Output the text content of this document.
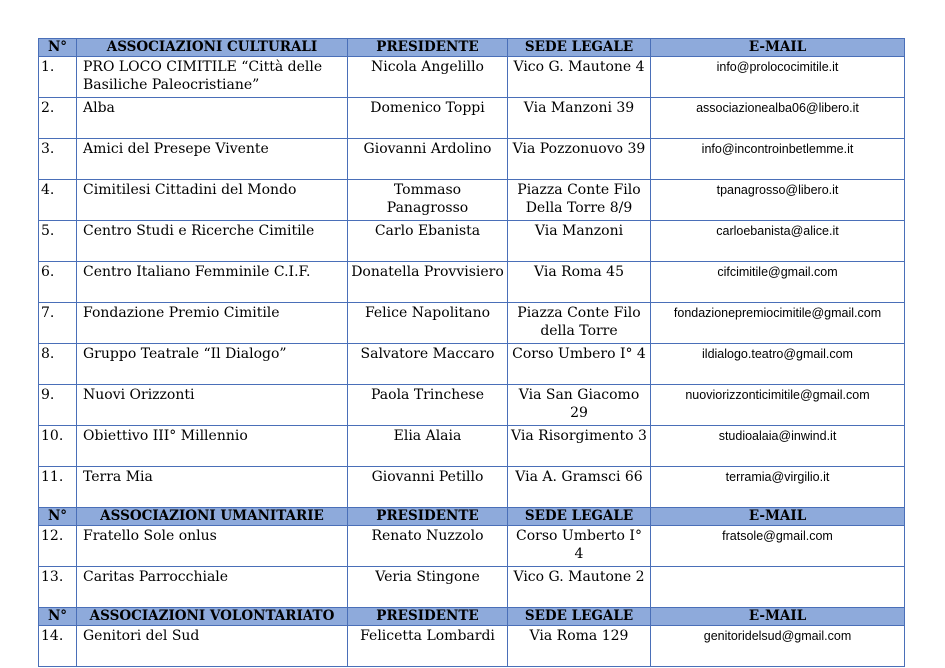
N°	ASSOCIAZIONI CULTURALI	PRESIDENTE	SEDE LEGALE	E-MAIL
1.	PRO LOCO CIMITILE “Città delle Basiliche Paleocristiane”	Nicola Angelillo	Vico G. Mautone 4	info@prolococimitile.it
2.	Alba	Domenico Toppi	Via Manzoni 39	associazionealba06@libero.it
3.	Amici del Presepe Vivente	Giovanni Ardolino	Via Pozzonuovo 39	info@incontroinbetlemme.it
4.	Cimitilesi Cittadini del Mondo	Tommaso Panagrosso	Piazza Conte Filo Della Torre 8/9	tpanagrosso@libero.it
5.	Centro Studi e Ricerche Cimitile	Carlo Ebanista	Via Manzoni	carloebanista@alice.it
6.	Centro Italiano Femminile C.I.F.	Donatella Provvisiero	Via Roma 45	cifcimitile@gmail.com
7.	Fondazione Premio Cimitile	Felice Napolitano	Piazza Conte Filo della Torre	fondazionepremiocimitile@gmail.com
8.	Gruppo Teatrale “Il Dialogo”	Salvatore Maccaro	Corso Umbero I° 4	ildialogo.teatro@gmail.com
9.	Nuovi Orizzonti	Paola Trinchese	Via San Giacomo 29	nuoviorizzonticimitile@gmail.com
10.	Obiettivo III° Millennio	Elia Alaia	Via Risorgimento 3	studioalaia@inwind.it
11.	Terra Mia	Giovanni Petillo	Via A. Gramsci 66	terramia@virgilio.it
N°	ASSOCIAZIONI UMANITARIE	PRESIDENTE	SEDE LEGALE	E-MAIL
12.	Fratello Sole onlus	Renato Nuzzolo	Corso Umberto I° 4	fratsole@gmail.com
13.	Caritas Parrocchiale	Veria Stingone	Vico G. Mautone 2	
N°	ASSOCIAZIONI VOLONTARIATO	PRESIDENTE	SEDE LEGALE	E-MAIL
14.	Genitori del Sud	Felicetta Lombardi	Via Roma 129	genitoridelsud@gmail.com
